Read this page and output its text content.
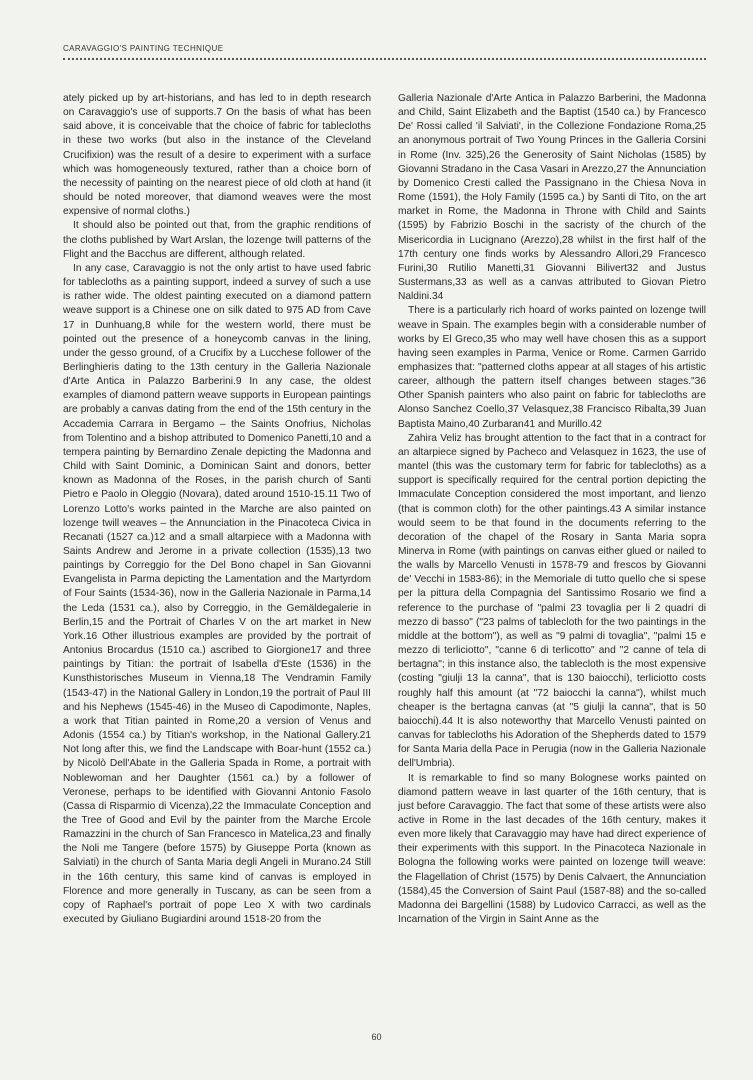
CARAVAGGIO'S PAINTING TECHNIQUE

ately picked up by art-historians, and has led to in depth research on Caravaggio's use of supports.7 On the basis of what has been said above, it is conceivable that the choice of fabric for tablecloths in these two works (but also in the instance of the Cleveland Crucifixion) was the result of a desire to experiment with a surface which was homogeneously textured, rather than a choice born of the necessity of painting on the nearest piece of old cloth at hand (it should be noted moreover, that diamond weaves were the most expensive of normal cloths.)

It should also be pointed out that, from the graphic renditions of the cloths published by Wart Arslan, the lozenge twill patterns of the Flight and the Bacchus are different, although related.

In any case, Caravaggio is not the only artist to have used fabric for tablecloths as a painting support, indeed a survey of such a use is rather wide. The oldest painting executed on a diamond pattern weave support is a Chinese one on silk dated to 975 AD from Cave 17 in Dunhuang,8 while for the western world, there must be pointed out the presence of a honeycomb canvas in the lining, under the gesso ground, of a Crucifix by a Lucchese follower of the Berlinghieris dating to the 13th century in the Galleria Nazionale d'Arte Antica in Palazzo Barberini.9 In any case, the oldest examples of diamond pattern weave supports in European paintings are probably a canvas dating from the end of the 15th century in the Accademia Carrara in Bergamo – the Saints Onofrius, Nicholas from Tolentino and a bishop attributed to Domenico Panetti,10 and a tempera painting by Bernardino Zenale depicting the Madonna and Child with Saint Dominic, a Dominican Saint and donors, better known as Madonna of the Roses, in the parish church of Santi Pietro e Paolo in Oleggio (Novara), dated around 1510-15.11 Two of Lorenzo Lotto's works painted in the Marche are also painted on lozenge twill weaves – the Annunciation in the Pinacoteca Civica in Recanati (1527 ca.)12 and a small altarpiece with a Madonna with Saints Andrew and Jerome in a private collection (1535),13 two paintings by Correggio for the Del Bono chapel in San Giovanni Evangelista in Parma depicting the Lamentation and the Martyrdom of Four Saints (1534-36), now in the Galleria Nazionale in Parma,14 the Leda (1531 ca.), also by Correggio, in the Gemäldegalerie in Berlin,15 and the Portrait of Charles V on the art market in New York.16 Other illustrious examples are provided by the portrait of Antonius Brocardus (1510 ca.) ascribed to Giorgione17 and three paintings by Titian: the portrait of Isabella d'Este (1536) in the Kunsthistorisches Museum in Vienna,18 The Vendramin Family (1543-47) in the National Gallery in London,19 the portrait of Paul III and his Nephews (1545-46) in the Museo di Capodimonte, Naples, a work that Titian painted in Rome,20 a version of Venus and Adonis (1554 ca.) by Titian's workshop, in the National Gallery.21 Not long after this, we find the Landscape with Boar-hunt (1552 ca.) by Nicolò Dell'Abate in the Galleria Spada in Rome, a portrait with Noblewoman and her Daughter (1561 ca.) by a follower of Veronese, perhaps to be identified with Giovanni Antonio Fasolo (Cassa di Risparmio di Vicenza),22 the Immaculate Conception and the Tree of Good and Evil by the painter from the Marche Ercole Ramazzini in the church of San Francesco in Matelica,23 and finally the Noli me Tangere (before 1575) by Giuseppe Porta (known as Salviati) in the church of Santa Maria degli Angeli in Murano.24 Still in the 16th century, this same kind of canvas is employed in Florence and more generally in Tuscany, as can be seen from a copy of Raphael's portrait of pope Leo X with two cardinals executed by Giuliano Bugiardini around 1518-20 from the

Galleria Nazionale d'Arte Antica in Palazzo Barberini, the Madonna and Child, Saint Elizabeth and the Baptist (1540 ca.) by Francesco De' Rossi called 'il Salviati', in the Collezione Fondazione Roma,25 an anonymous portrait of Two Young Princes in the Galleria Corsini in Rome (Inv. 325),26 the Generosity of Saint Nicholas (1585) by Giovanni Stradano in the Casa Vasari in Arezzo,27 the Annunciation by Domenico Cresti called the Passignano in the Chiesa Nova in Rome (1591), the Holy Family (1595 ca.) by Santi di Tito, on the art market in Rome, the Madonna in Throne with Child and Saints (1595) by Fabrizio Boschi in the sacristy of the church of the Misericordia in Lucignano (Arezzo),28 whilst in the first half of the 17th century one finds works by Alessandro Allori,29 Francesco Furini,30 Rutilio Manetti,31 Giovanni Bilivert32 and Justus Sustermans,33 as well as a canvas attributed to Giovan Pietro Naldini.34

There is a particularly rich hoard of works painted on lozenge twill weave in Spain. The examples begin with a considerable number of works by El Greco,35 who may well have chosen this as a support having seen examples in Parma, Venice or Rome. Carmen Garrido emphasizes that: "patterned cloths appear at all stages of his artistic career, although the pattern itself changes between stages."36 Other Spanish painters who also paint on fabric for tablecloths are Alonso Sanchez Coello,37 Velasquez,38 Francisco Ribalta,39 Juan Baptista Maino,40 Zurbaran41 and Murillo.42

Zahira Veliz has brought attention to the fact that in a contract for an altarpiece signed by Pacheco and Velasquez in 1623, the use of mantel (this was the customary term for fabric for tablecloths) as a support is specifically required for the central portion depicting the Immaculate Conception considered the most important, and lienzo (that is common cloth) for the other paintings.43 A similar instance would seem to be that found in the documents referring to the decoration of the chapel of the Rosary in Santa Maria sopra Minerva in Rome (with paintings on canvas either glued or nailed to the walls by Marcello Venusti in 1578-79 and frescos by Giovanni de' Vecchi in 1583-86); in the Memoriale di tutto quello che si spese per la pittura della Compagnia del Santissimo Rosario we find a reference to the purchase of "palmi 23 tovaglia per li 2 quadri di mezzo di basso" ("23 palms of tablecloth for the two paintings in the middle at the bottom"), as well as "9 palmi di tovaglia", "palmi 15 e mezzo di terliciotto", "canne 6 di terlicotto" and "2 canne of tela di bertagna"; in this instance also, the tablecloth is the most expensive (costing "giulji 13 la canna", that is 130 baiocchi), terliciotto costs roughly half this amount (at "72 baiocchi la canna"), whilst much cheaper is the bertagna canvas (at "5 giulji la canna", that is 50 baiocchi).44 It is also noteworthy that Marcello Venusti painted on canvas for tablecloths his Adoration of the Shepherds dated to 1579 for Santa Maria della Pace in Perugia (now in the Galleria Nazionale dell'Umbria).

It is remarkable to find so many Bolognese works painted on diamond pattern weave in last quarter of the 16th century, that is just before Caravaggio. The fact that some of these artists were also active in Rome in the last decades of the 16th century, makes it even more likely that Caravaggio may have had direct experience of their experiments with this support. In the Pinacoteca Nazionale in Bologna the following works were painted on lozenge twill weave: the Flagellation of Christ (1575) by Denis Calvaert, the Annunciation (1584),45 the Conversion of Saint Paul (1587-88) and the so-called Madonna dei Bargellini (1588) by Ludovico Carracci, as well as the Incarnation of the Virgin in Saint Anne as the

60
